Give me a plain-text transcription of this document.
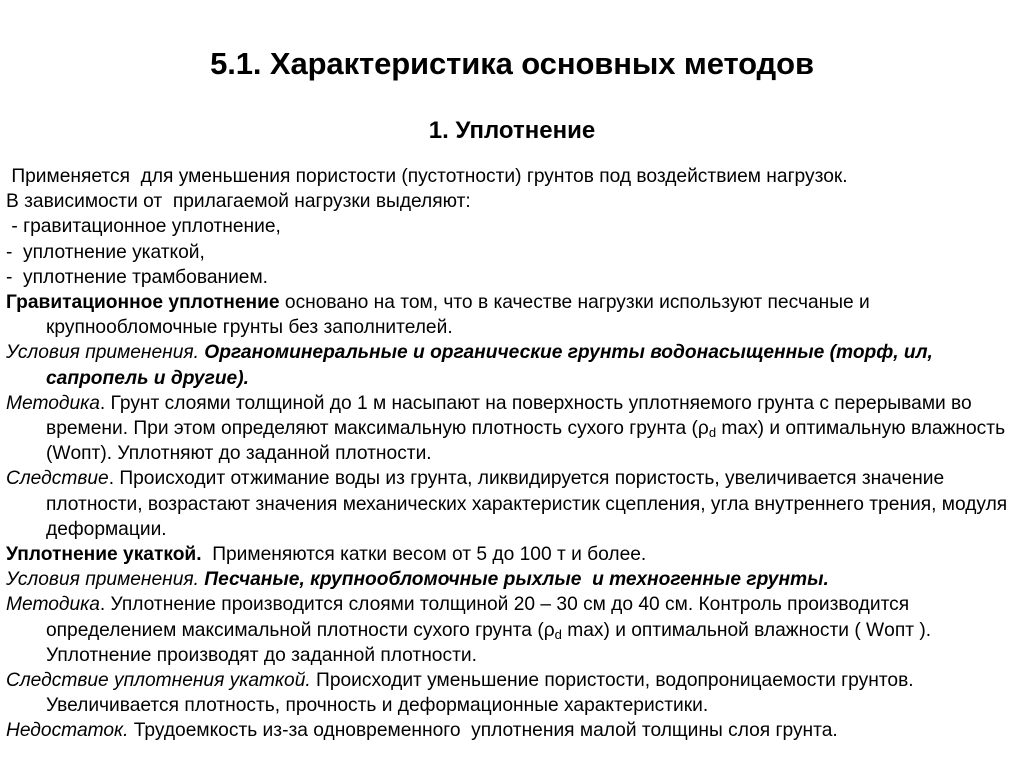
5.1. Характеристика основных методов
1. Уплотнение

Применяется  для уменьшения пористости (пустотности) грунтов под воздействием нагрузок.

В зависимости от  прилагаемой нагрузки выделяют:

- гравитационное уплотнение,

-  уплотнение укаткой,

-  уплотнение трамбованием.

Гравитационное уплотнение основано на том, что в качестве нагрузки используют песчаные и крупнообломочные грунты без заполнителей.

Условия применения. Органоминеральные и органические грунты водонасыщенные (торф, ил, сапропель и другие).

Методика. Грунт слоями толщиной до 1 м насыпают на поверхность уплотняемого грунта с перерывами во времени. При этом определяют максимальную плотность сухого грунта ($\rho_d$ max) и оптимальную влажность (Wопт). Уплотняют до заданной плотности.

Следствие. Происходит отжимание воды из грунта, ликвидируется пористость, увеличивается значение плотности, возрастают значения механических характеристик сцепления, угла внутреннего трения, модуля деформации.

Уплотнение укаткой.  Применяются катки весом от 5 до 100 т и более.

Условия применения. Песчаные, крупнообломочные рыхлые  и техногенные грунты.

Методика. Уплотнение производится слоями толщиной 20 – 30 см до 40 см. Контроль производится определением максимальной плотности сухого грунта ($\rho_d$ max) и оптимальной влажности ( Wопт ). Уплотнение производят до заданной плотности.

Следствие уплотнения укаткой. Происходит уменьшение пористости, водопроницаемости грунтов. Увеличивается плотность, прочность и деформационные характеристики.

Недостаток. Трудоемкость из-за одновременного  уплотнения малой толщины слоя грунта.
